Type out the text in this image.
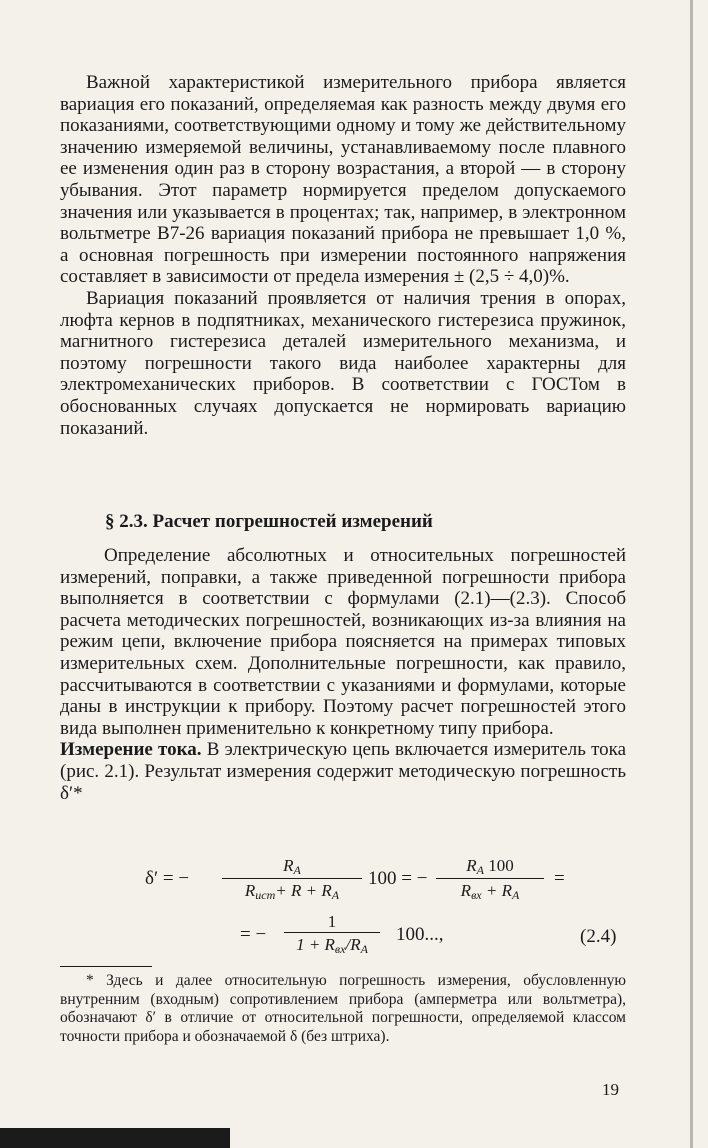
Важной характеристикой измерительного прибора является вариация его показаний, определяемая как разность между двумя его показаниями, соответствующими одному и тому же действительному значению измеряемой величины, устанавливаемому после плавного ее изменения один раз в сторону возрастания, а второй — в сторону убывания. Этот параметр нормируется пределом допускаемого значения или указывается в процентах; так, например, в электронном вольтметре В7-26 вариация показаний прибора не превышает 1,0 %, а основная погрешность при измерении постоянного напряжения составляет в зависимости от предела измерения ± (2,5 ÷ 4,0)%.

Вариация показаний проявляется от наличия трения в опорах, люфта кернов в подпятниках, механического гистерезиса пружинок, магнитного гистерезиса деталей измерительного механизма, и поэтому погрешности такого вида наиболее характерны для электромеханических приборов. В соответствии с ГОСТом в обоснованных случаях допускается не нормировать вариацию показаний.

§ 2.3. Расчет погрешностей измерений

Определение абсолютных и относительных погрешностей измерений, поправки, а также приведенной погрешности прибора выполняется в соответствии с формулами (2.1)—(2.3). Способ расчета методических погрешностей, возникающих из-за влияния на режим цепи, включение прибора поясняется на примерах типовых измерительных схем. Дополнительные погрешности, как правило, рассчитываются в соответствии с указаниями и формулами, которые даны в инструкции к прибору. Поэтому расчет погрешностей этого вида выполнен применительно к конкретному типу прибора.

Измерение тока. В электрическую цепь включается измеритель тока (рис. 2.1). Результат измерения содержит методическую погрешность δ′*

δ′ = −
$R_A$
$R_{ист}+ R + R_A$
100 = −
$R_A$ 100
$R_{вх} + R_A$
=
= −
1
$1 + R_{вх}/R_A$
100...,	(2.4)

* Здесь и далее относительную погрешность измерения, обусловленную внутренним (входным) сопротивлением прибора (амперметра или вольтметра), обозначают δ′ в отличие от относительной погрешности, определяемой классом точности прибора и обозначаемой δ (без штриха).

19
